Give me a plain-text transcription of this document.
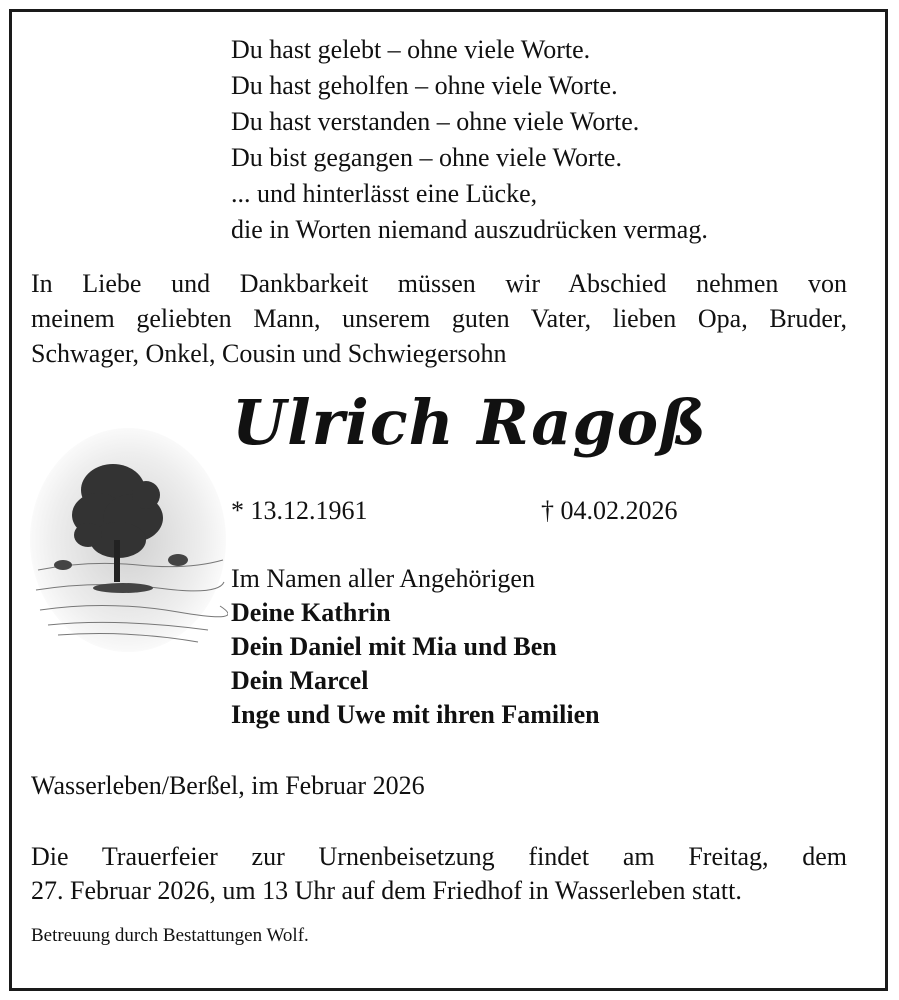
Du hast gelebt – ohne viele Worte.
Du hast geholfen – ohne viele Worte.
Du hast verstanden – ohne viele Worte.
Du bist gegangen – ohne viele Worte.
... und hinterlässt eine Lücke,
die in Worten niemand auszudrücken vermag.
In Liebe und Dankbarkeit müssen wir Abschied nehmen von
meinem geliebten Mann, unserem guten Vater, lieben Opa, Bruder,
Schwager, Onkel, Cousin und Schwiegersohn
Ulrich Ragoß
* 13.12.1961	† 04.02.2026
Im Namen aller Angehörigen
Deine Kathrin
Dein Daniel mit Mia und Ben
Dein Marcel
Inge und Uwe mit ihren Familien
Wasserleben/Berßel, im Februar 2026
Die Trauerfeier zur Urnenbeisetzung findet am Freitag, dem
27. Februar 2026, um 13 Uhr auf dem Friedhof in Wasserleben statt.
Betreuung durch Bestattungen Wolf.
